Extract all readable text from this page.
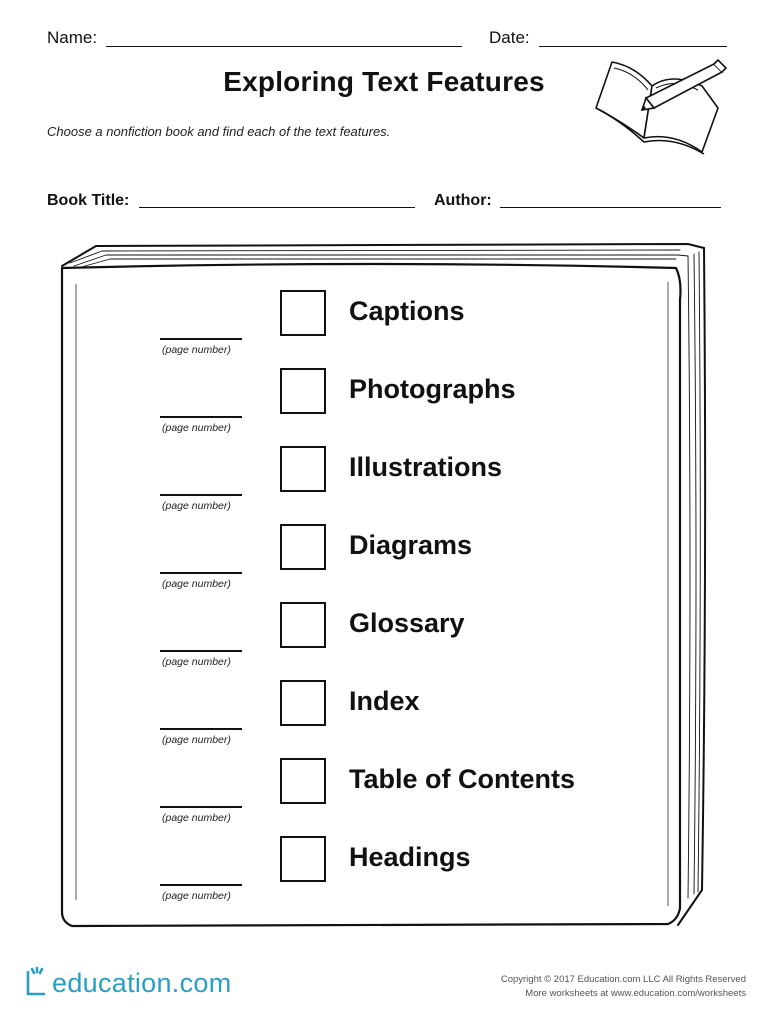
Name:	Date:
Exploring Text Features
Choose a nonfiction book and find each of the text features.
Book Title:	Author:
(page number)
Captions
(page number)
Photographs
(page number)
Illustrations
(page number)
Diagrams
(page number)
Glossary
(page number)
Index
(page number)
Table of Contents
(page number)
Headings
education.com	Copyright © 2017 Education.com LLC All Rights Reserved
More worksheets at www.education.com/worksheets
